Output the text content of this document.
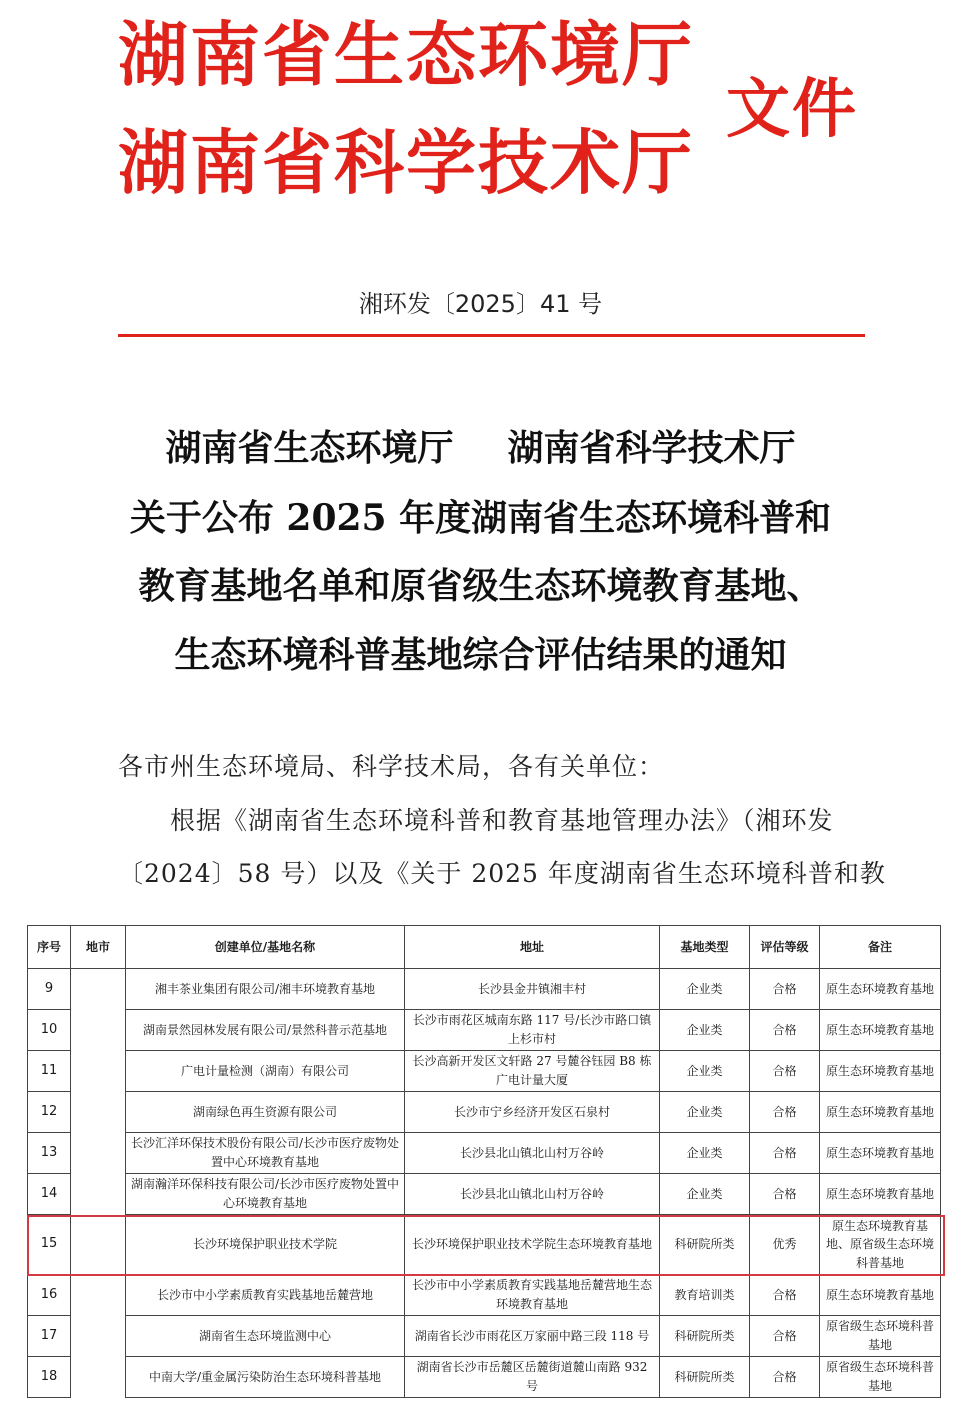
湖南省生态环境厅
湖南省科学技术厅
文件
湘环发〔2025〕41 号
湖南省生态环境厅 湖南省科学技术厅
关于公布 2025 年度湖南省生态环境科普和
教育基地名单和原省级生态环境教育基地、
生态环境科普基地综合评估结果的通知
各市州生态环境局、科学技术局，各有关单位：
根据《湖南省生态环境科普和教育基地管理办法》（湘环发
〔2024〕58 号）以及《关于 2025 年度湖南省生态环境科普和教
序号	地市	创建单位/基地名称	地址	基地类型	评估等级	备注
9		湘丰茶业集团有限公司/湘丰环境教育基地	长沙县金井镇湘丰村	企业类	合格	原生态环境教育基地
10		湖南景然园林发展有限公司/景然科普示范基地	长沙市雨花区城南东路 117 号/长沙市路口镇上杉市村	企业类	合格	原生态环境教育基地
11		广电计量检测（湖南）有限公司	长沙高新开发区文轩路 27 号麓谷钰园 B8 栋广电计量大厦	企业类	合格	原生态环境教育基地
12		湖南绿色再生资源有限公司	长沙市宁乡经济开发区石泉村	企业类	合格	原生态环境教育基地
13		长沙汇洋环保技术股份有限公司/长沙市医疗废物处置中心环境教育基地	长沙县北山镇北山村万谷岭	企业类	合格	原生态环境教育基地
14		湖南瀚洋环保科技有限公司/长沙市医疗废物处置中心环境教育基地	长沙县北山镇北山村万谷岭	企业类	合格	原生态环境教育基地
15		长沙环境保护职业技术学院	长沙环境保护职业技术学院生态环境教育基地	科研院所类	优秀	原生态环境教育基地、原省级生态环境科普基地
16		长沙市中小学素质教育实践基地岳麓营地	长沙市中小学素质教育实践基地岳麓营地生态环境教育基地	教育培训类	合格	原生态环境教育基地
17		湖南省生态环境监测中心	湖南省长沙市雨花区万家丽中路三段 118 号	科研院所类	合格	原省级生态环境科普基地
18		中南大学/重金属污染防治生态环境科普基地	湖南省长沙市岳麓区岳麓街道麓山南路 932 号	科研院所类	合格	原省级生态环境科普基地
